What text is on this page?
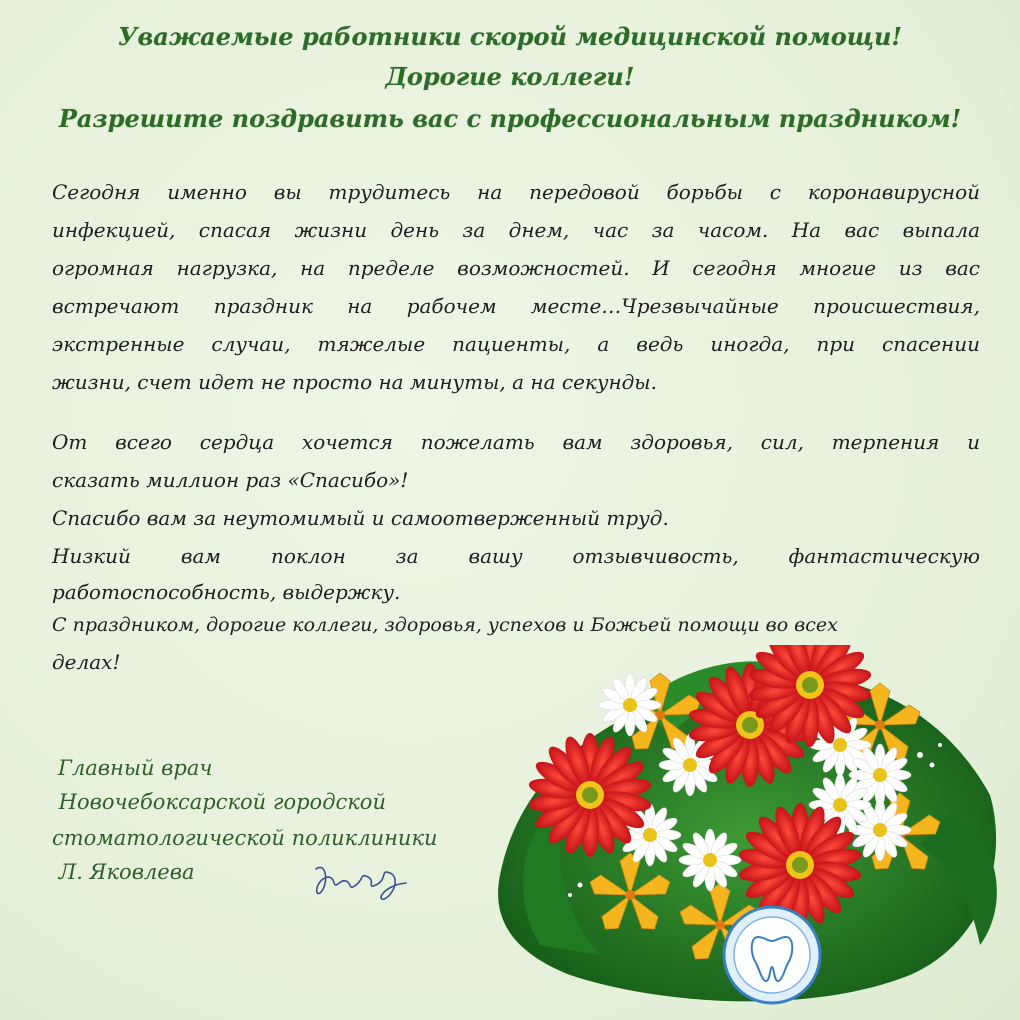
Уважаемые работники скорой медицинской помощи!
Дорогие коллеги!
Разрешите поздравить вас с профессиональным праздником!
Сегодня именно вы трудитесь на передовой борьбы с коронавирусной
инфекцией, спасая жизни день за днем, час за часом. На вас выпала
огромная нагрузка, на пределе возможностей. И сегодня многие из вас
встречают праздник на рабочем месте…Чрезвычайные происшествия,
экстренные случаи, тяжелые пациенты, а ведь иногда, при спасении
жизни, счет идет не просто на минуты, а на секунды.
От всего сердца хочется пожелать вам здоровья, сил, терпения и
сказать миллион раз «Спасибо»!
Спасибо вам за неутомимый и самоотверженный труд.
Низкий вам поклон за вашу отзывчивость, фантастическую
работоспособность, выдержку.
С праздником, дорогие коллеги, здоровья, успехов и Божьей помощи во всех
делах!
Главный врач
Новочебоксарской городской
стоматологической поликлиники
Л. Яковлева
